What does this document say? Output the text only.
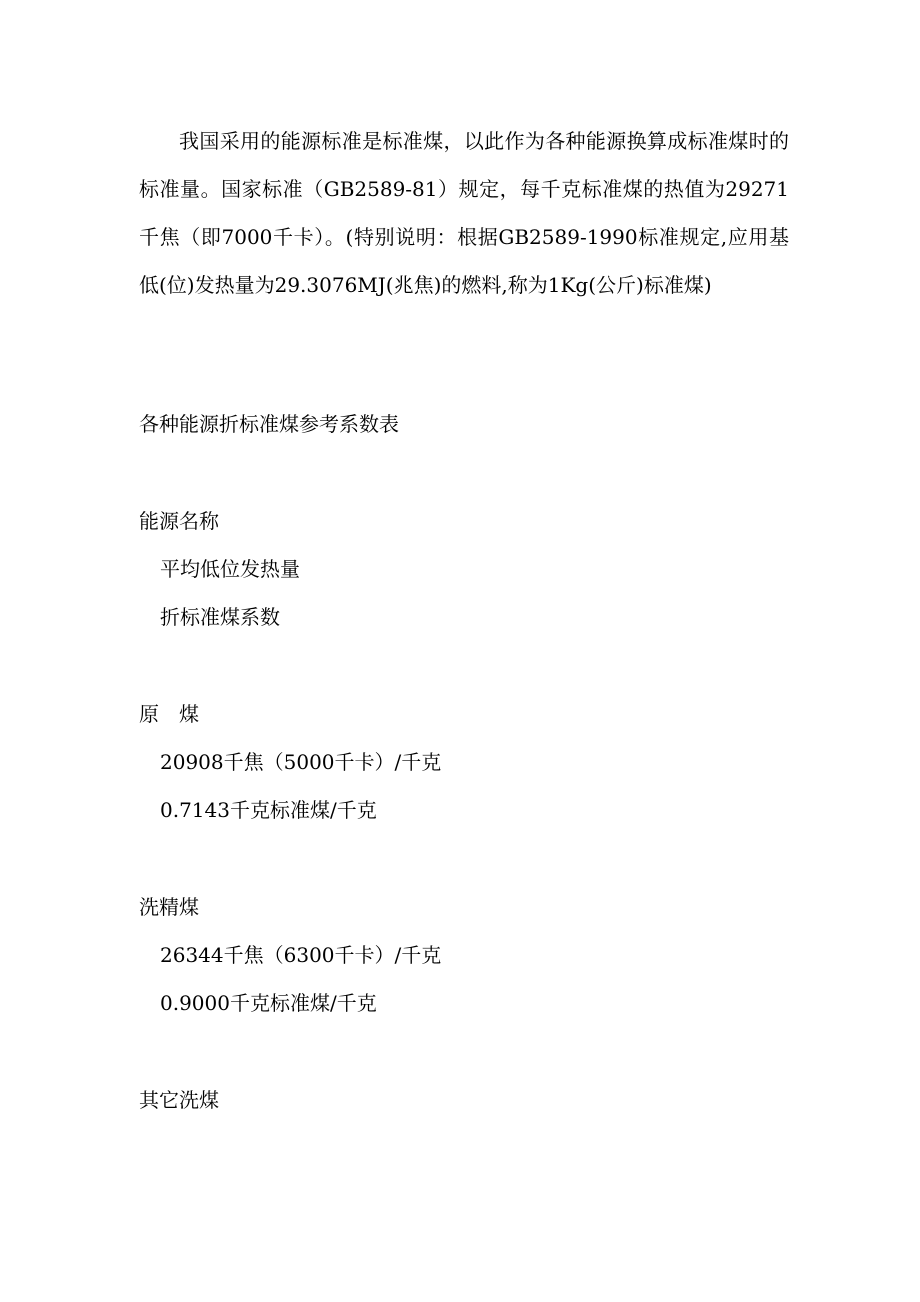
我国采用的能源标准是标准煤，以此作为各种能源换算成标准煤时的标准量。国家标准（GB2589-81）规定，每千克标准煤的热值为29271千焦（即7000千卡）。(特别说明：根据GB2589-1990标准规定,应用基低(位)发热量为29.3076MJ(兆焦)的燃料,称为1Kg(公斤)标准煤)

各种能源折标准煤参考系数表

能源名称

平均低位发热量

折标准煤系数

原　煤

20908千焦（5000千卡）/千克

0.7143千克标准煤/千克

洗精煤

26344千焦（6300千卡）/千克

0.9000千克标准煤/千克

其它洗煤
